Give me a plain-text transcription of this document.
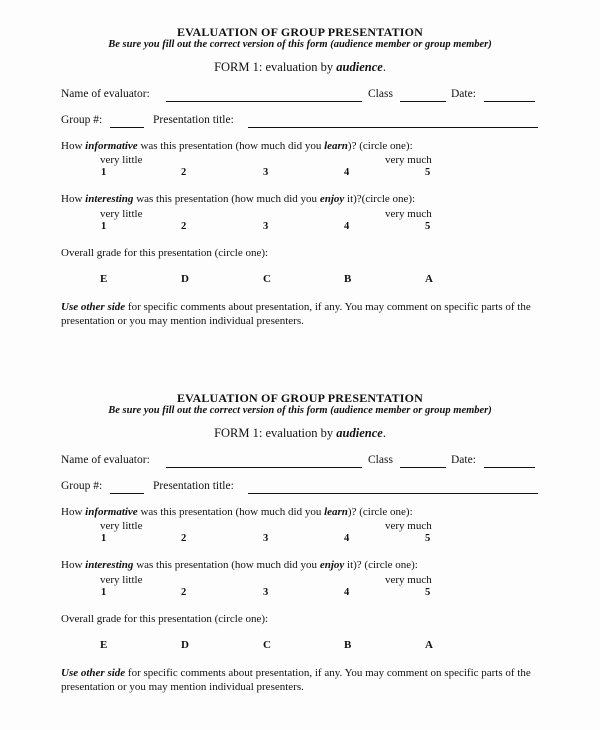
EVALUATION OF GROUP PRESENTATION
Be sure you fill out the correct version of this form (audience member or group member)
FORM 1: evaluation by audience.
Name of evaluator:	Class	Date:
Group #:	Presentation title:
How informative was this presentation (how much did you learn)? (circle one):
very little	very much
1	2	3	4	5
How interesting was this presentation (how much did you enjoy it)?(circle one):
very little	very much
1	2	3	4	5
Overall grade for this presentation (circle one):
E	D	C	B	A
Use other side for specific comments about presentation, if any. You may comment on specific parts of the presentation or you may mention individual presenters.
EVALUATION OF GROUP PRESENTATION
Be sure you fill out the correct version of this form (audience member or group member)
FORM 1: evaluation by audience.
Name of evaluator:	Class	Date:
Group #:	Presentation title:
How informative was this presentation (how much did you learn)? (circle one):
very little	very much
1	2	3	4	5
How interesting was this presentation (how much did you enjoy it)? (circle one):
very little	very much
1	2	3	4	5
Overall grade for this presentation (circle one):
E	D	C	B	A
Use other side for specific comments about presentation, if any. You may comment on specific parts of the presentation or you may mention individual presenters.
